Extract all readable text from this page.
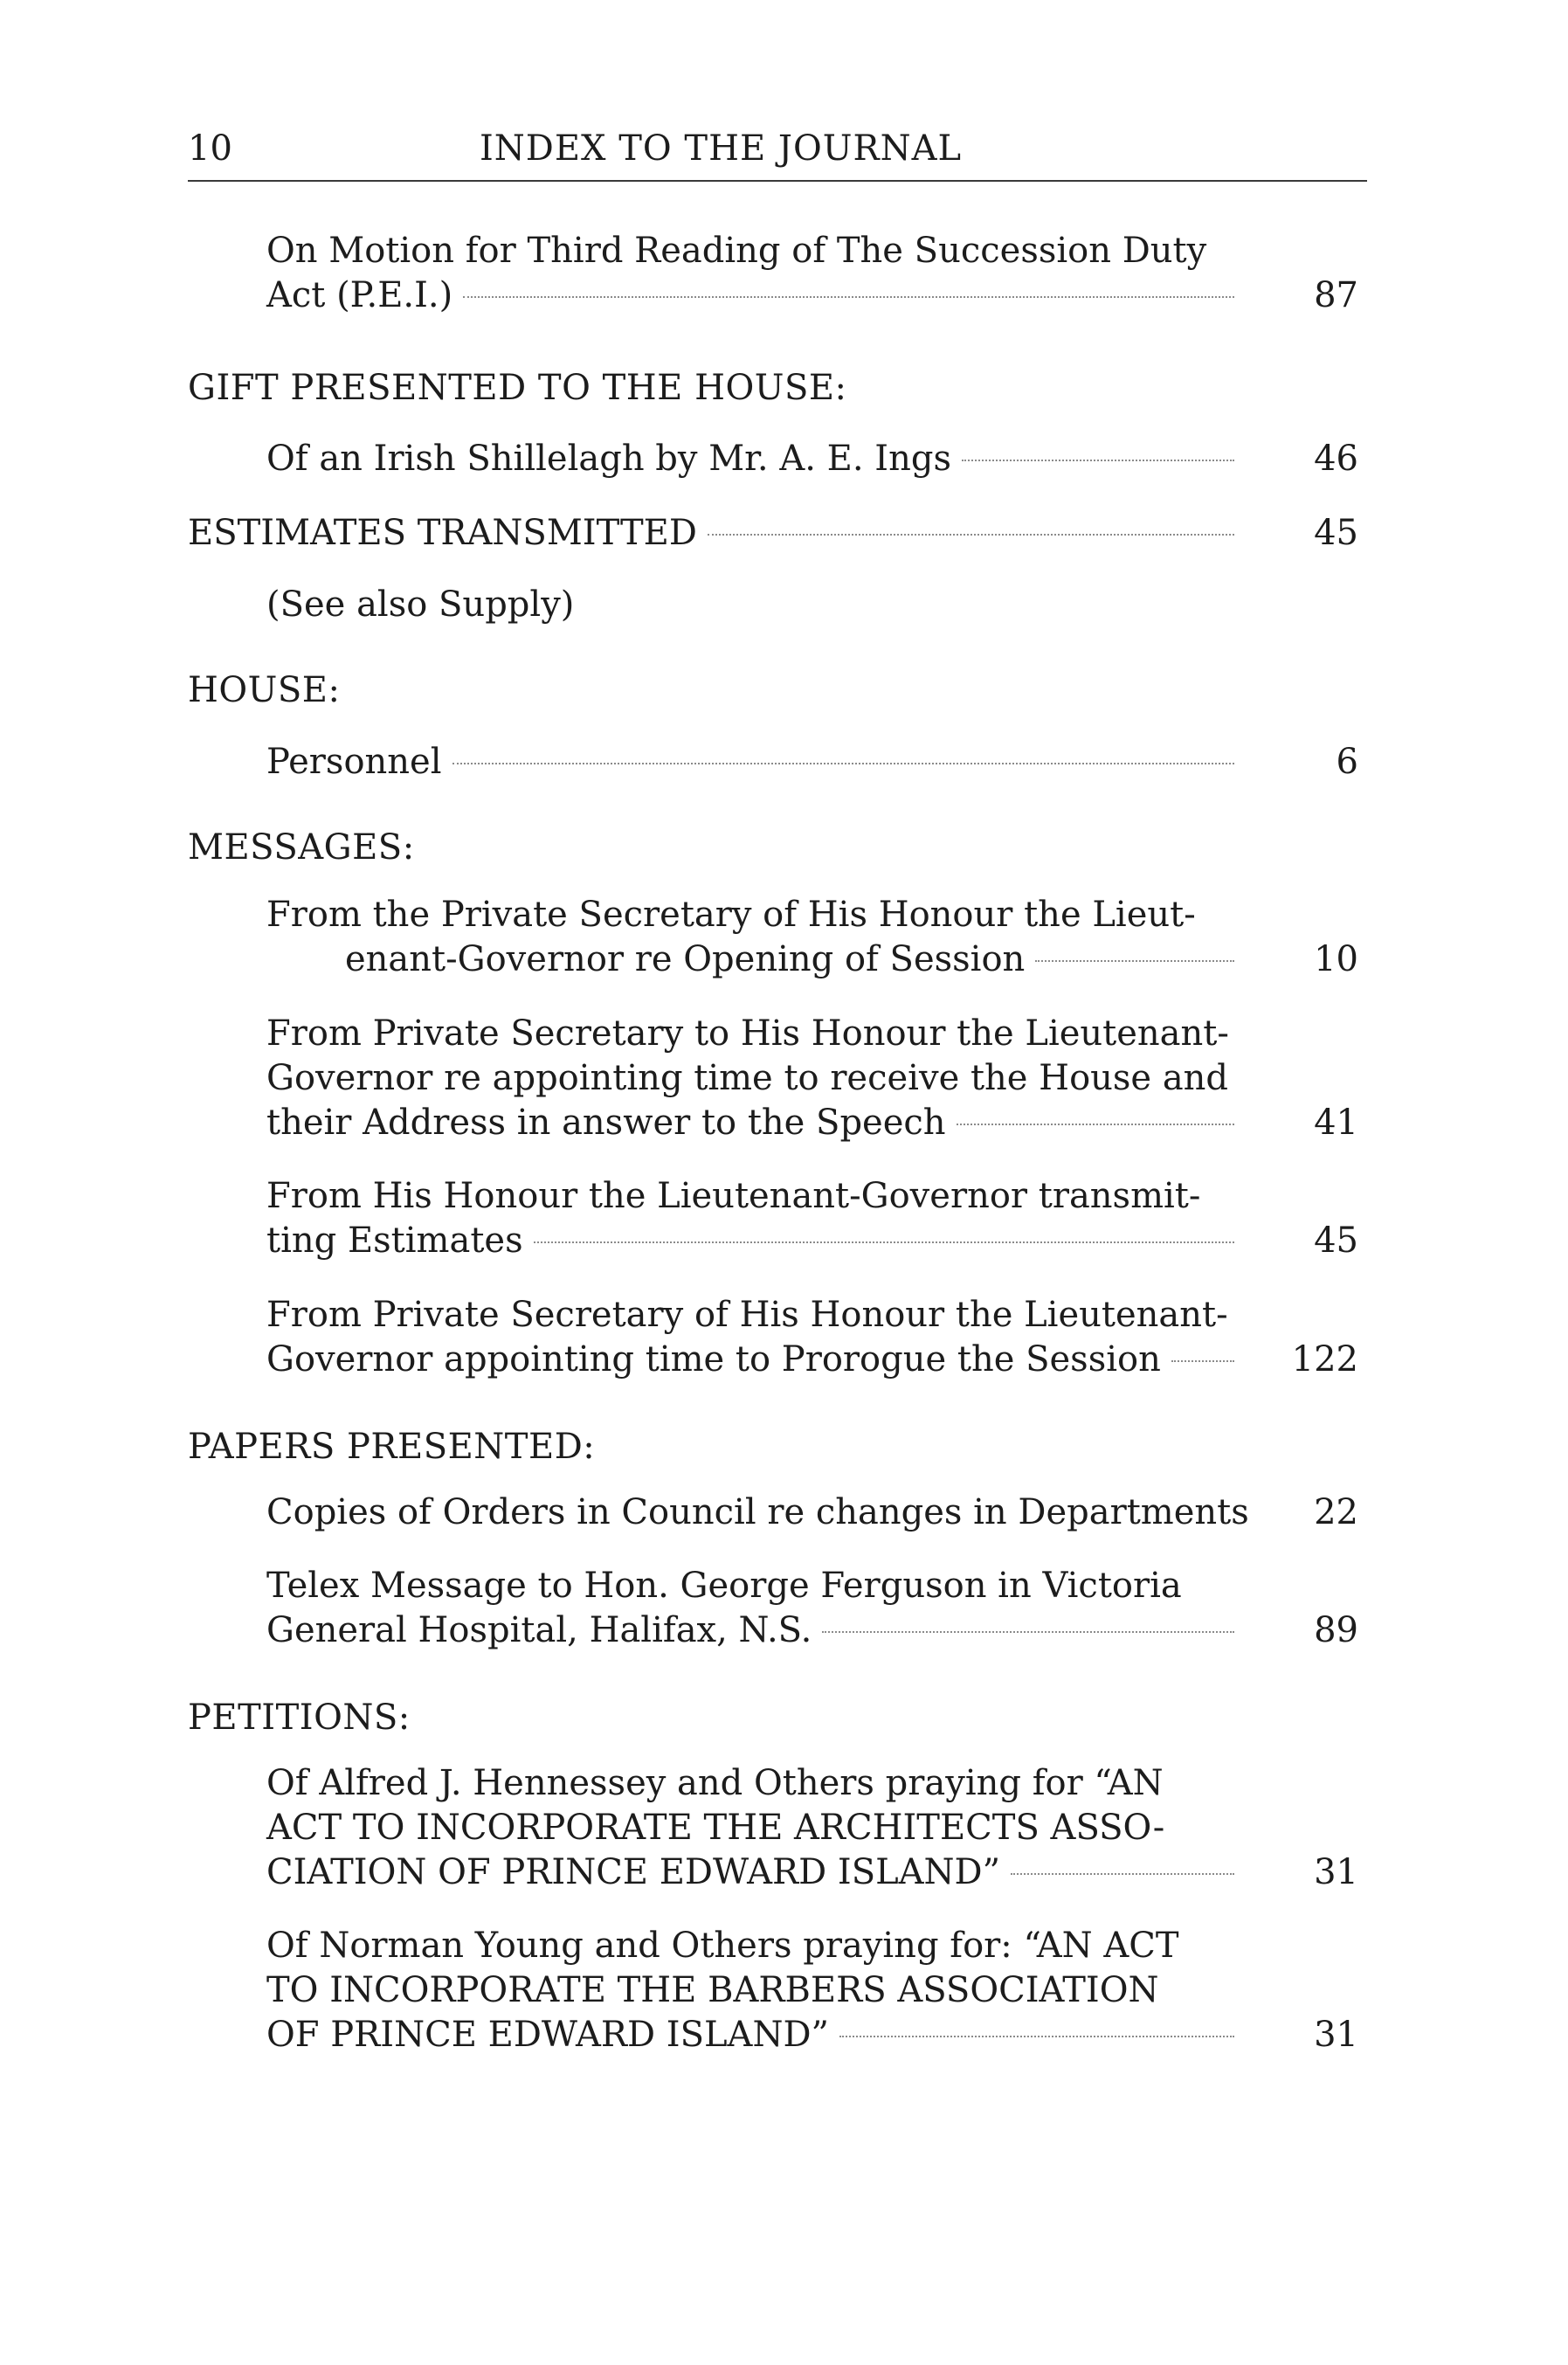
10	INDEX TO THE JOURNAL
On Motion for Third Reading of The Succession Duty
Act (P.E.I.)	87
GIFT PRESENTED TO THE HOUSE:
Of an Irish Shillelagh by Mr. A. E. Ings	46
ESTIMATES TRANSMITTED	45
(See also Supply)
HOUSE:
Personnel	6
MESSAGES:
From the Private Secretary of His Honour the Lieut-
enant-Governor re Opening of Session	10
From Private Secretary to His Honour the Lieutenant-
Governor re appointing time to receive the House and
their Address in answer to the Speech	41
From His Honour the Lieutenant-Governor transmit-
ting Estimates	45
From Private Secretary of His Honour the Lieutenant-
Governor appointing time to Prorogue the Session	122
PAPERS PRESENTED:
Copies of Orders in Council re changes in Departments	22
Telex Message to Hon. George Ferguson in Victoria
General Hospital, Halifax, N.S.	89
PETITIONS:
Of Alfred J. Hennessey and Others praying for “AN
ACT TO INCORPORATE THE ARCHITECTS ASSO-
CIATION OF PRINCE EDWARD ISLAND”	31
Of Norman Young and Others praying for: “AN ACT
TO INCORPORATE THE BARBERS ASSOCIATION
OF PRINCE EDWARD ISLAND”	31
